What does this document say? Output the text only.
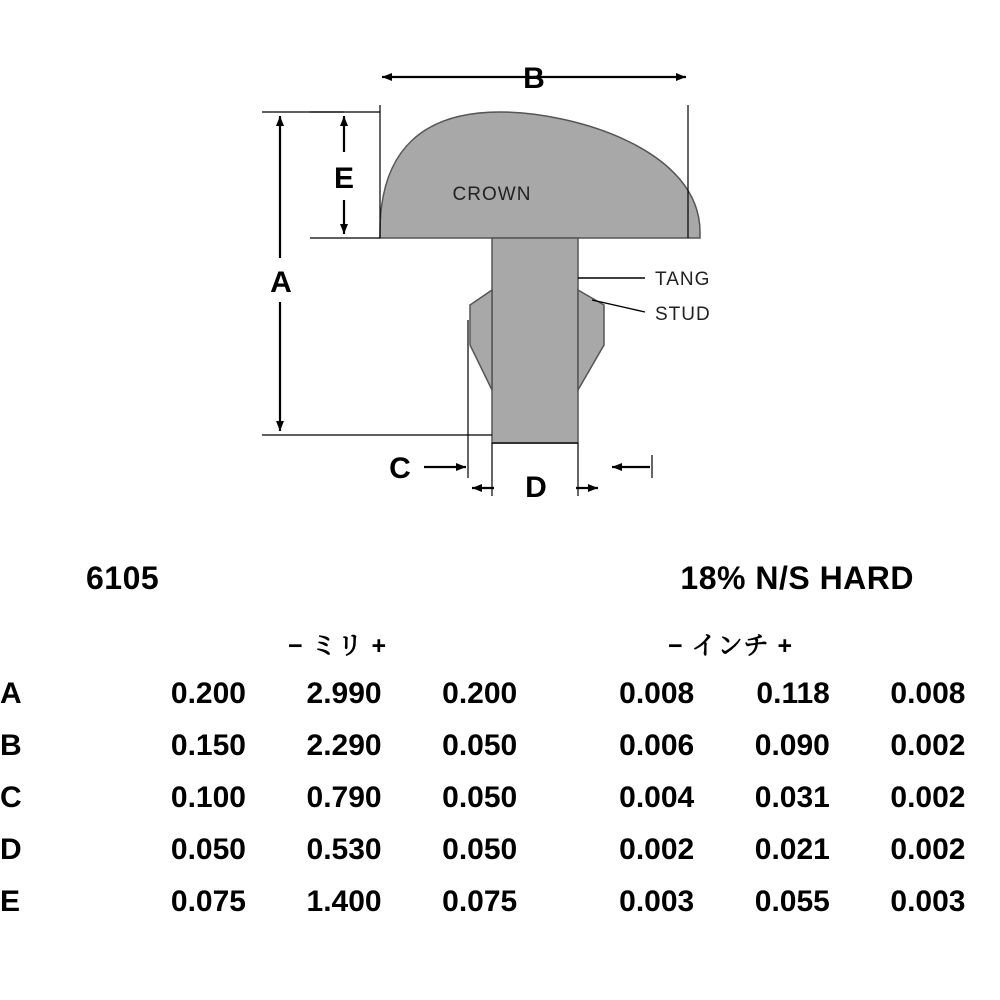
CROWN
TANG
STUD
B
E
A
C
D
6105	18% N/S HARD
− ミリ +	− インチ +
A	0.200	2.990	0.200		0.008	0.118	0.008	
B	0.150	2.290	0.050		0.006	0.090	0.002	
C	0.100	0.790	0.050		0.004	0.031	0.002	
D	0.050	0.530	0.050		0.002	0.021	0.002	
E	0.075	1.400	0.075		0.003	0.055	0.003	
